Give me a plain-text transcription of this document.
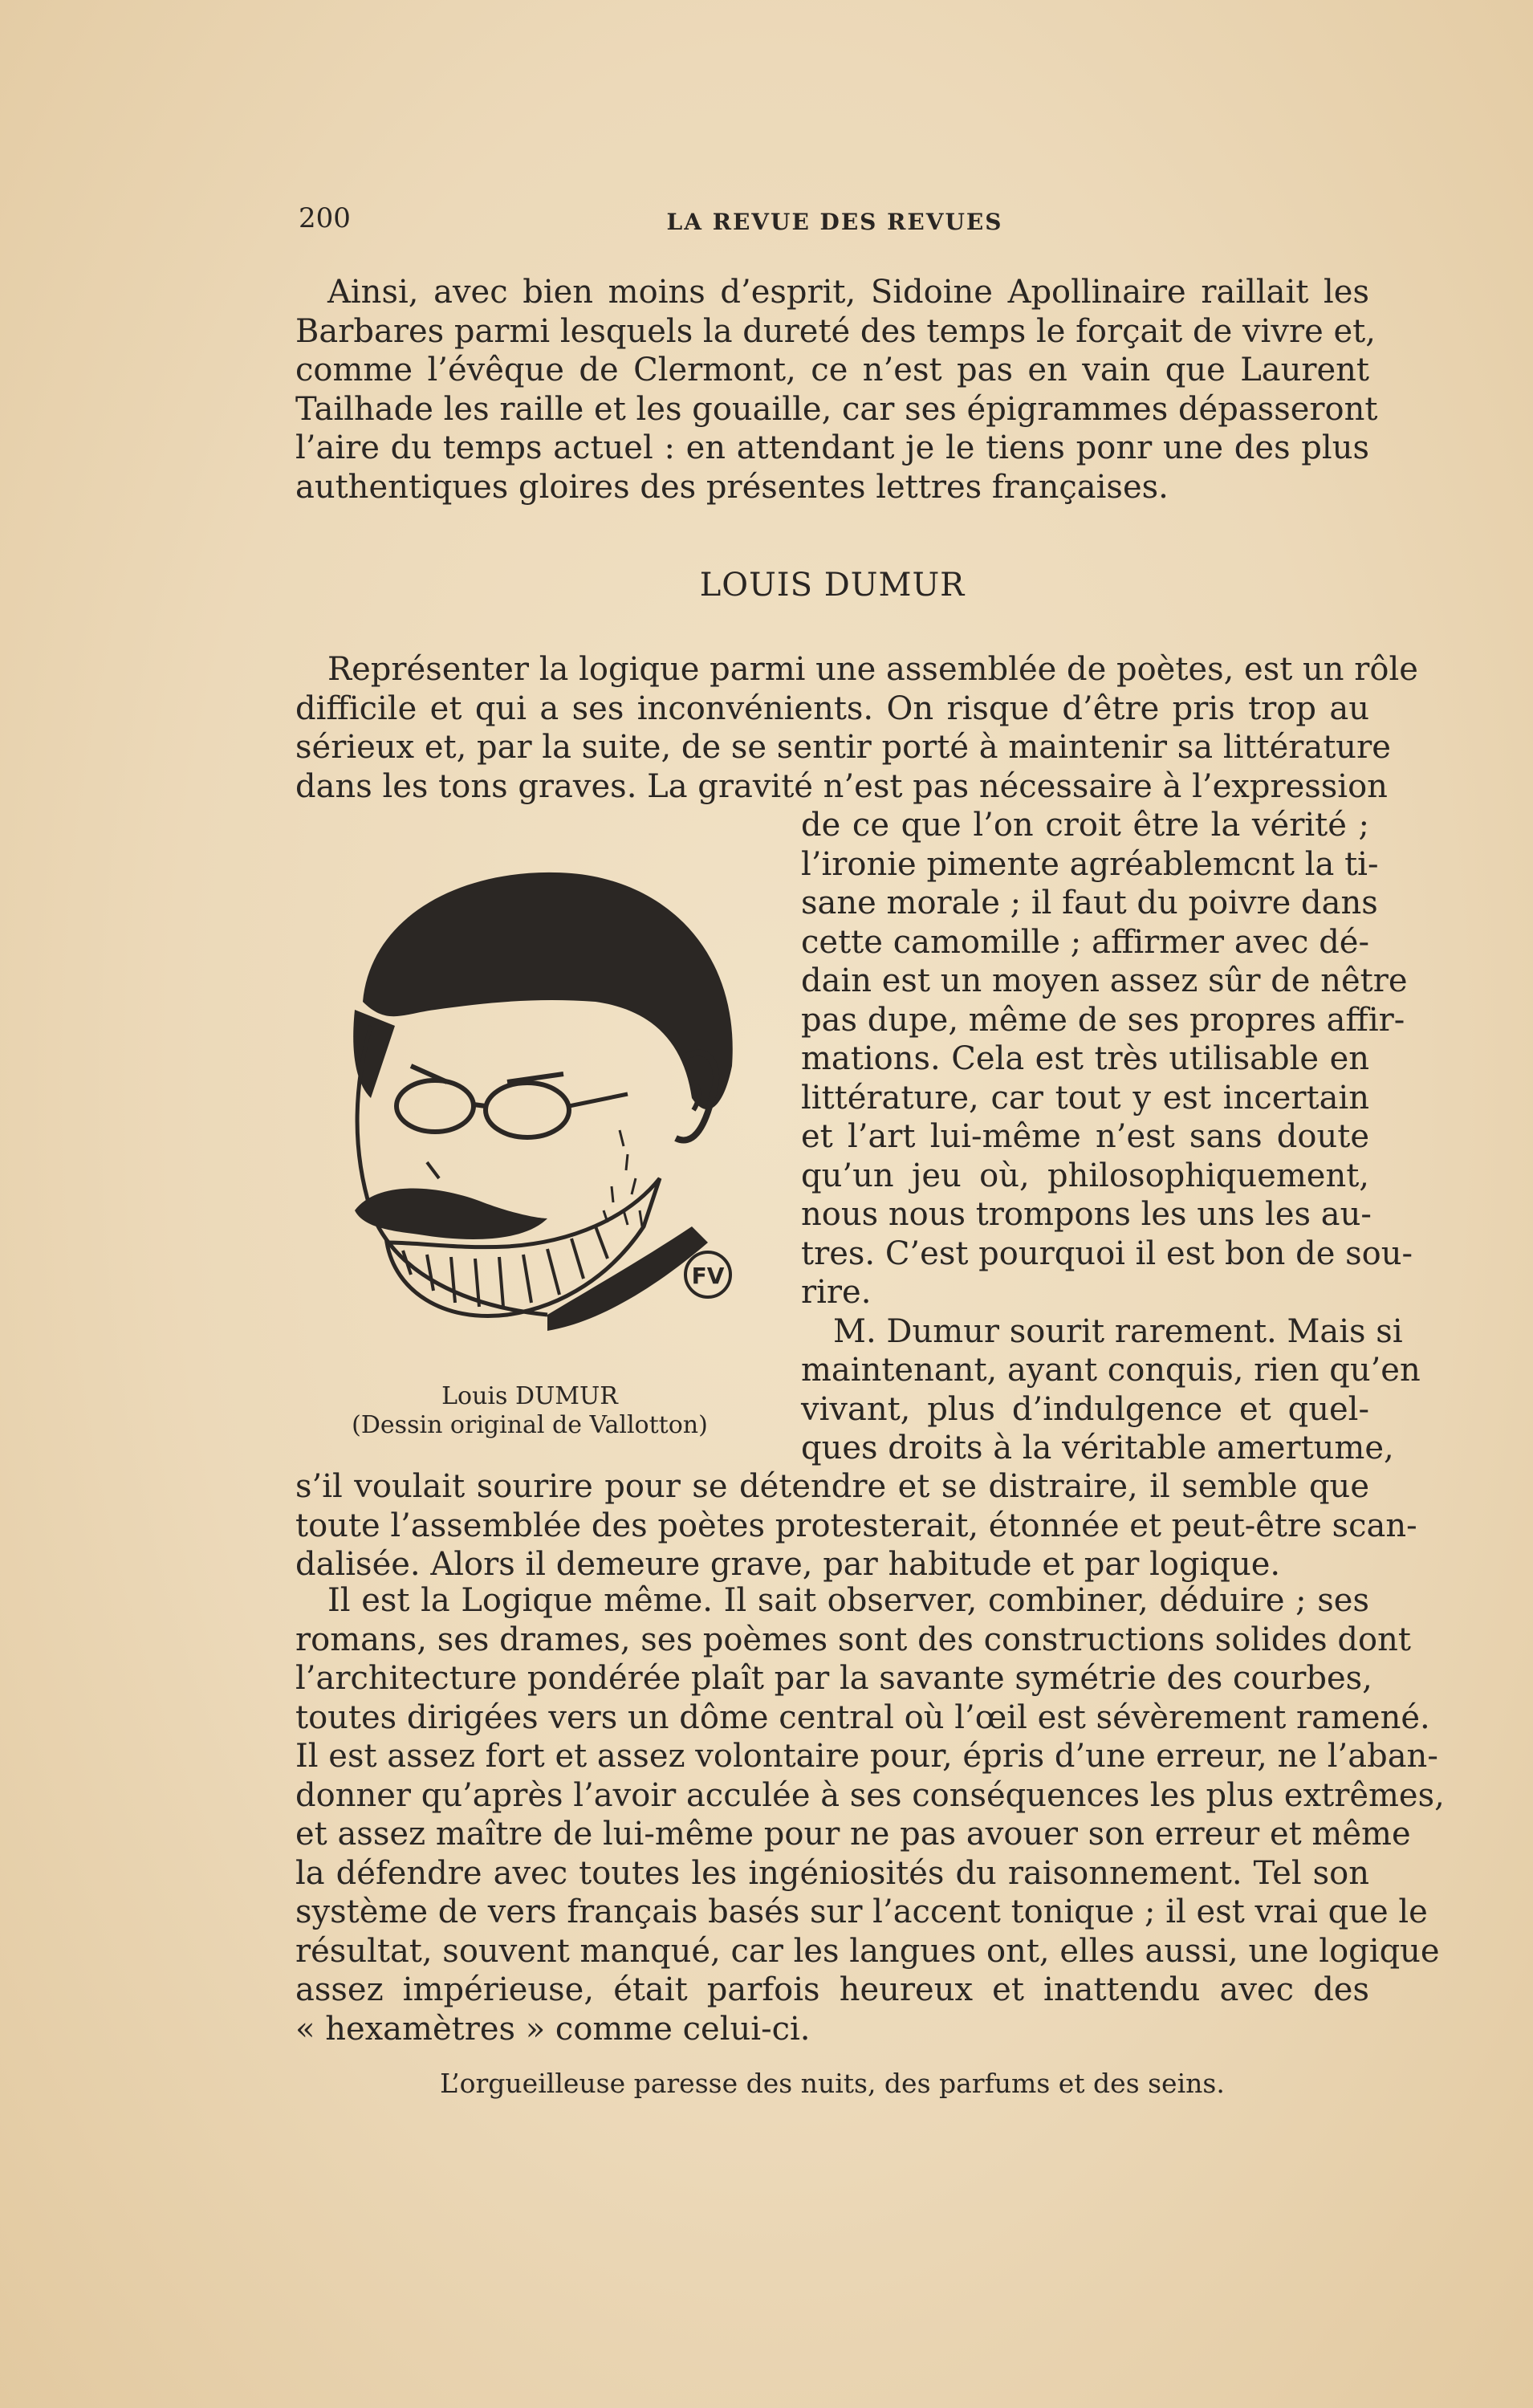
200	LA REVUE DES REVUES
Ainsi, avec bien moins d’esprit, Sidoine Apollinaire raillait les
Barbares parmi lesquels la dureté des temps le forçait de vivre et,
comme l’évêque de Clermont, ce n’est pas en vain que Laurent
Tailhade les raille et les gouaille, car ses épigrammes dépasseront
l’aire du temps actuel : en attendant je le tiens ponr une des plus
authentiques gloires des présentes lettres françaises.
LOUIS DUMUR
Représenter la logique parmi une assemblée de poètes, est un rôle
difficile et qui a ses inconvénients. On risque d’être pris trop au
sérieux et, par la suite, de se sentir porté à maintenir sa littérature
dans les tons graves. La gravité n’est pas nécessaire à l’expression
de ce que l’on croit être la vérité ;
l’ironie pimente agréablemcnt la ti-
sane morale ; il faut du poivre dans
cette camomille ; affirmer avec dé-
dain est un moyen assez sûr de nêtre
pas dupe, même de ses propres affir-
mations. Cela est très utilisable en
littérature, car tout y est incertain
et l’art lui-même n’est sans doute
qu’un jeu où, philosophiquement,
nous nous trompons les uns les au-
tres. C’est pourquoi il est bon de sou-
rire.
M. Dumur sourit rarement. Mais si
maintenant, ayant conquis, rien qu’en
vivant, plus d’indulgence et quel-
ques droits à la véritable amertume,
s’il voulait sourire pour se détendre et se distraire, il semble que
toute l’assemblée des poètes protesterait, étonnée et peut-être scan-
dalisée. Alors il demeure grave, par habitude et par logique.
Il est la Logique même. Il sait observer, combiner, déduire ; ses
romans, ses drames, ses poèmes sont des constructions solides dont
l’architecture pondérée plaît par la savante symétrie des courbes,
toutes dirigées vers un dôme central où l’œil est sévèrement ramené.
Il est assez fort et assez volontaire pour, épris d’une erreur, ne l’aban-
donner qu’après l’avoir acculée à ses conséquences les plus extrêmes,
et assez maître de lui-même pour ne pas avouer son erreur et même
la défendre avec toutes les ingéniosités du raisonnement. Tel son
système de vers français basés sur l’accent tonique ; il est vrai que le
résultat, souvent manqué, car les langues ont, elles aussi, une logique
assez impérieuse, était parfois heureux et inattendu avec des
« hexamètres » comme celui-ci.
L’orgueilleuse paresse des nuits, des parfums et des seins.
FV
Louis DUMUR
(Dessin original de Vallotton)
